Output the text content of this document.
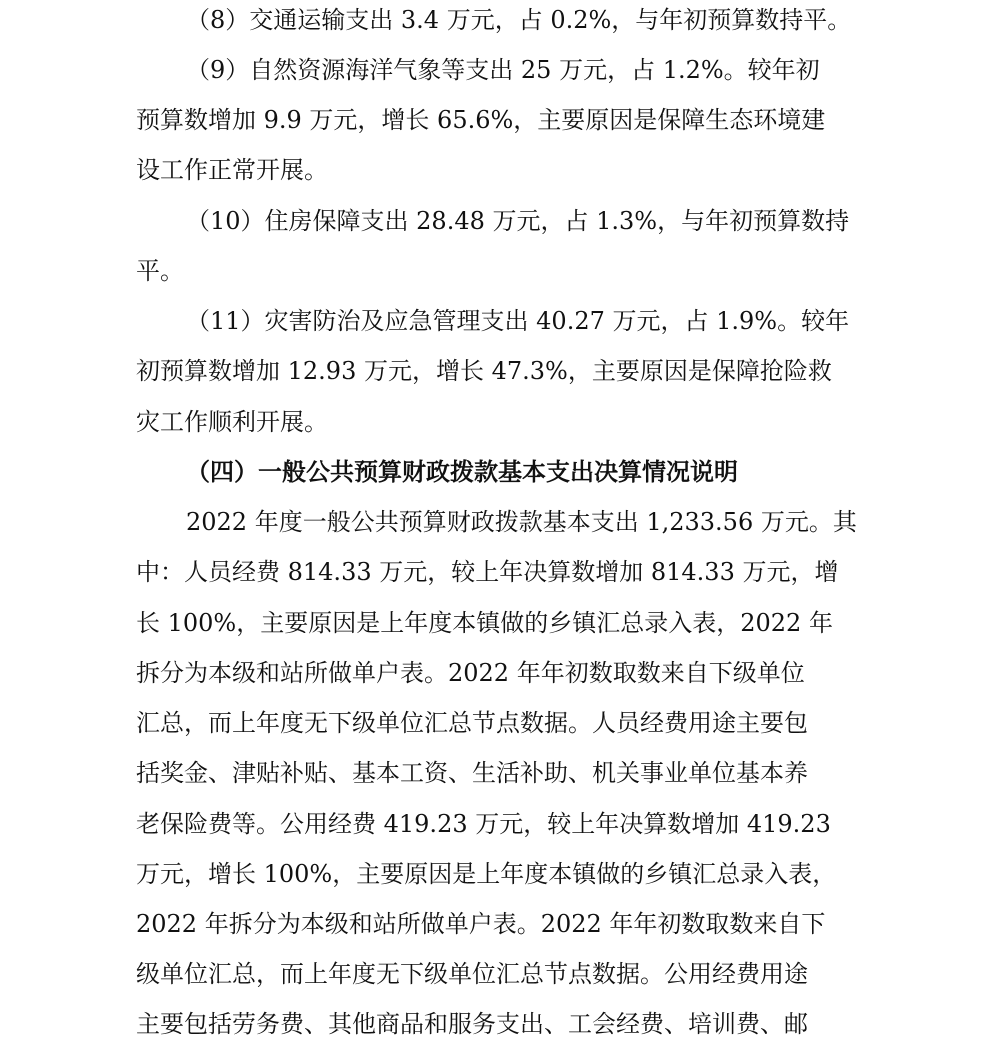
（8）交通运输支出 3.4 万元，占 0.2%，与年初预算数持平。
（9）自然资源海洋气象等支出 25 万元，占 1.2%。较年初
预算数增加 9.9 万元，增长 65.6%，主要原因是保障生态环境建
设工作正常开展。
（10）住房保障支出 28.48 万元，占 1.3%，与年初预算数持
平。
（11）灾害防治及应急管理支出 40.27 万元，占 1.9%。较年
初预算数增加 12.93 万元，增长 47.3%，主要原因是保障抢险救
灾工作顺利开展。
（四）一般公共预算财政拨款基本支出决算情况说明
2022 年度一般公共预算财政拨款基本支出 1,233.56 万元。其
中：人员经费 814.33 万元，较上年决算数增加 814.33 万元，增
长 100%，主要原因是上年度本镇做的乡镇汇总录入表，2022 年
拆分为本级和站所做单户表。2022 年年初数取数来自下级单位
汇总，而上年度无下级单位汇总节点数据。人员经费用途主要包
括奖金、津贴补贴、基本工资、生活补助、机关事业单位基本养
老保险费等。公用经费 419.23 万元，较上年决算数增加 419.23
万元，增长 100%，主要原因是上年度本镇做的乡镇汇总录入表，
2022 年拆分为本级和站所做单户表。2022 年年初数取数来自下
级单位汇总，而上年度无下级单位汇总节点数据。公用经费用途
主要包括劳务费、其他商品和服务支出、工会经费、培训费、邮
